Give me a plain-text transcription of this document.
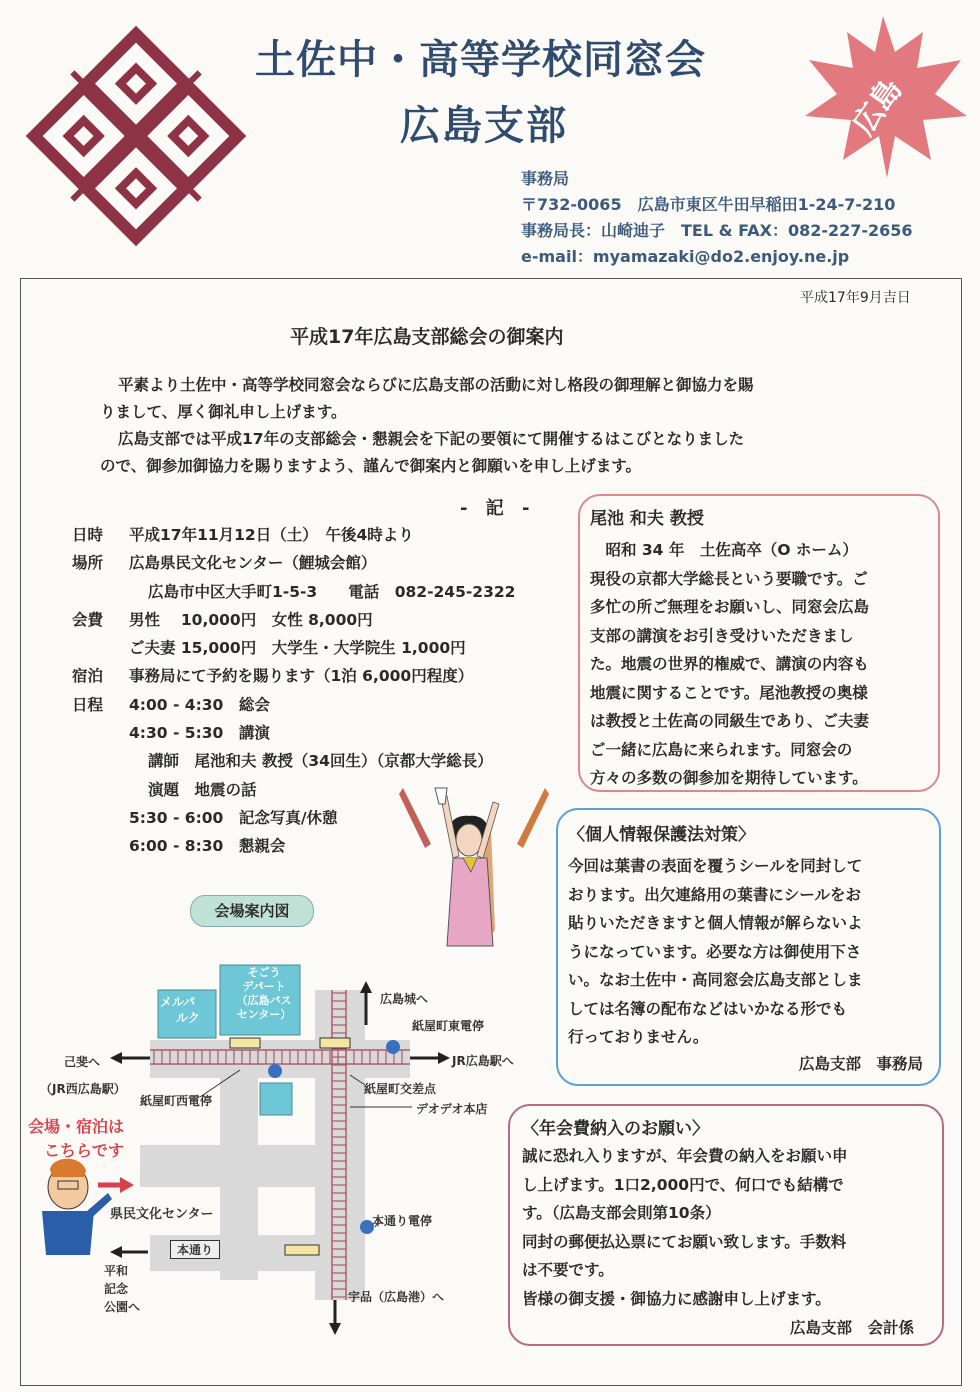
土佐中・高等学校同窓会
広島支部	広島
事務局
〒732-0065　広島市東区牛田早稲田1-24-7-210
事務局長：山崎迪子　TEL & FAX：082-227-2656
e-mail：myamazaki@do2.enjoy.ne.jp
平成17年9月吉日
平成17年広島支部総会の御案内

平素より土佐中・高等学校同窓会ならびに広島支部の活動に対し格段の御理解と御協力を賜

りまして、厚く御礼申し上げます。

広島支部では平成17年の支部総会・懇親会を下記の要領にて開催するはこびとなりました

ので、御参加御協力を賜りますよう、謹んで御案内と御願いを申し上げます。

- 記 -
日時 平成17年11月12日（土）　午後4時より
場所 広島県民文化センター（鯉城会館）
広島市中区大手町1-5-3　　電話　082-245-2322
会費 男性　 10,000円　女性 8,000円
ご夫妻 15,000円　大学生・大学院生 1,000円
宿泊 事務局にて予約を賜ります（1泊 6,000円程度）
日程 4:00 - 4:30　総会
4:30 - 5:30　講演
講師　尾池和夫 教授（34回生）（京都大学総長）
演題　地震の話
5:30 - 6:00　記念写真/休憩
6:00 - 8:30　懇親会
尾池 和夫 教授
　昭和 34 年　土佐高卒（O ホーム）
現役の京都大学総長という要職です。ご
多忙の所ご無理をお願いし、同窓会広島
支部の講演をお引き受けいただきまし
た。地震の世界的権威で、講演の内容も
地震に関することです。尾池教授の奥様
は教授と土佐高の同級生であり、ご夫妻
ご一緒に広島に来られます。同窓会の
方々の多数の御参加を期待しています。
〈個人情報保護法対策〉
今回は葉書の表面を覆うシールを同封して
おります。出欠連絡用の葉書にシールをお
貼りいただきますと個人情報が解らないよ
うになっています。必要な方は御使用下さ
い。なお土佐中・高同窓会広島支部としま
しては名簿の配布などはいかなる形でも
行っておりません。
広島支部　事務局
〈年会費納入のお願い〉
誠に恐れ入りますが、年会費の納入をお願い申
し上げます。1口2,000円で、何口でも結構で
す。（広島支部会則第10条）
同封の郵便払込票にてお願い致します。手数料
は不要です。
皆様の御支援・御協力に感謝申し上げます。
広島支部　会計係
会場案内図
そごう
デパート
（広島バス
センター）
メルパ
ルク
広島城へ
紙屋町東電停
JR広島駅へ
己斐へ
（JR西広島駅）
紙屋町西電停
紙屋町交差点
デオデオ本店
会場・宿泊は
こちらです
県民文化センター	本通り電停
本通り
平和
記念
公園へ
宇品（広島港）へ
